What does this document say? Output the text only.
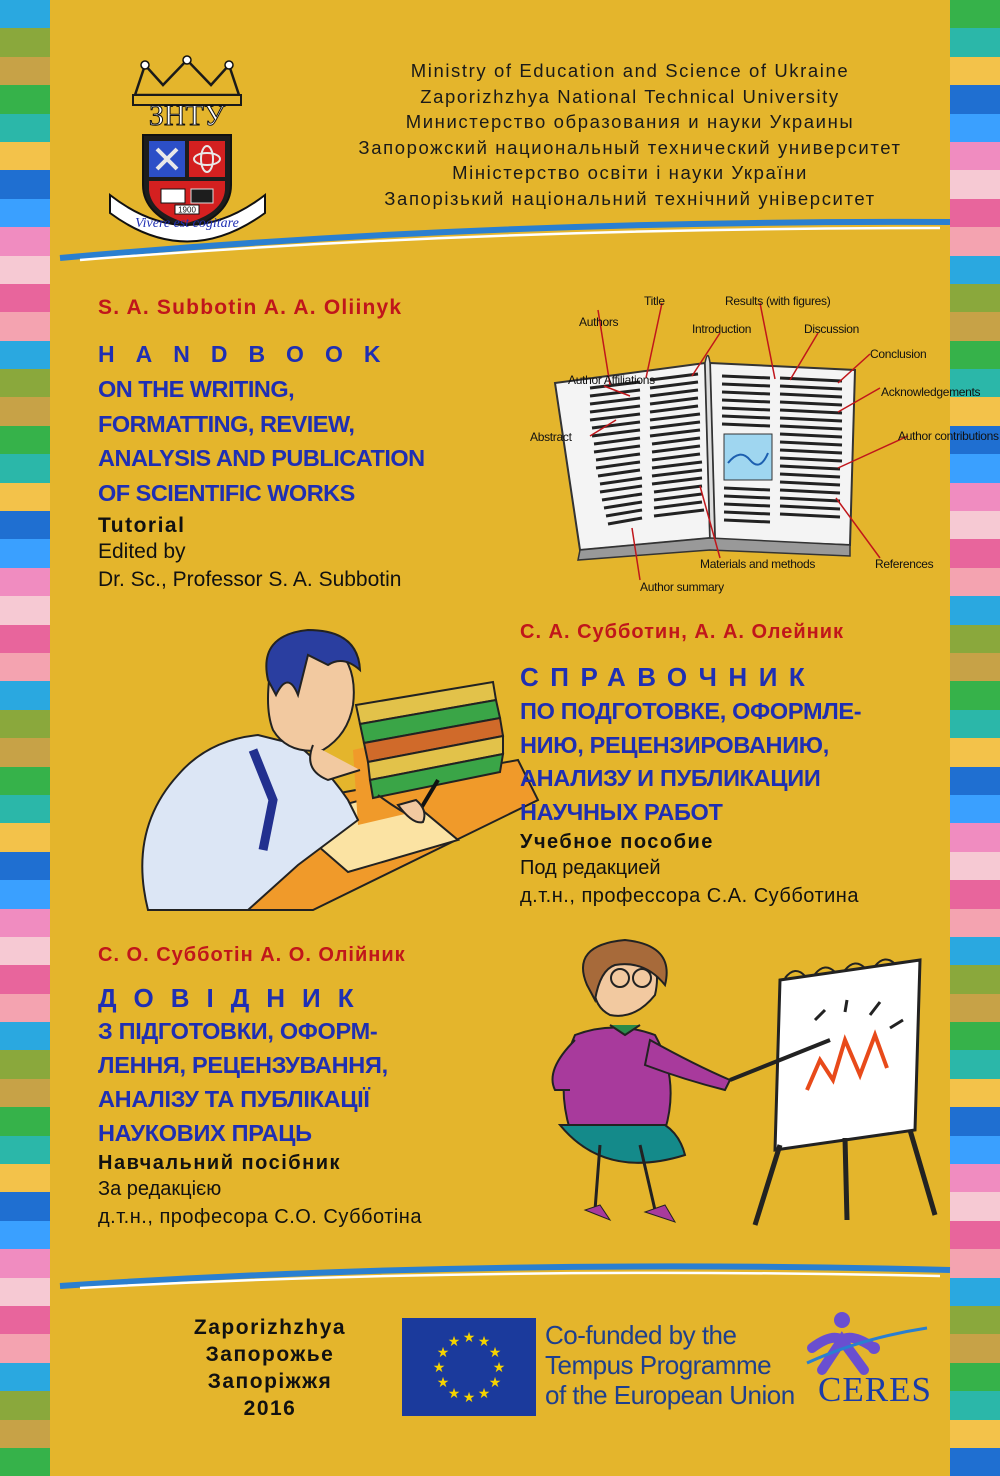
ЗНТУ
1900
Vivere est cogitare
Ministry of Education and Science of Ukraine
Zaporizhzhya National Technical University
Министерство образования и науки Украины
Запорожский национальный технический университет
Міністерство освіти і науки України
Запорізький національний технічний університет
S. A. Subbotin A. A. Oliinyk
HANDBOOK
ON THE WRITING,
FORMATTING, REVIEW,
ANALYSIS AND PUBLICATION
OF SCIENTIFIC WORKS
Tutorial
Edited by
Dr. Sc., Professor S. A. Subbotin
Title	Results (with figures)
Authors	Introduction	Discussion
Conclusion
Author Affiliations
Acknowledgements
Abstract	Author contributions
Materials and methods	References
Author summary
С. А. Субботин, А. А. Олейник
СПРАВОЧНИК
ПО ПОДГОТОВКЕ, ОФОРМЛЕ-
НИЮ, РЕЦЕНЗИРОВАНИЮ,
АНАЛИЗУ И ПУБЛИКАЦИИ
НАУЧНЫХ РАБОТ
Учебное пособие
Под редакцией
д.т.н., профессора С.А. Субботина
С. О. Субботін А. О. Олійник
ДОВІДНИК
З ПІДГОТОВКИ, ОФОРМ-
ЛЕННЯ, РЕЦЕНЗУВАННЯ,
АНАЛІЗУ ТА ПУБЛІКАЦІЇ
НАУКОВИХ ПРАЦЬ
Навчальний посібник
За редакцією
д.т.н., професора С.О. Субботіна
Zaporizhzhya
Запорожье
Запоріжжя
2016
★
★
★
★
★
★
★
★
★ ★ ★
★
Co-funded by the
Tempus Programme
of the European Union CERES
